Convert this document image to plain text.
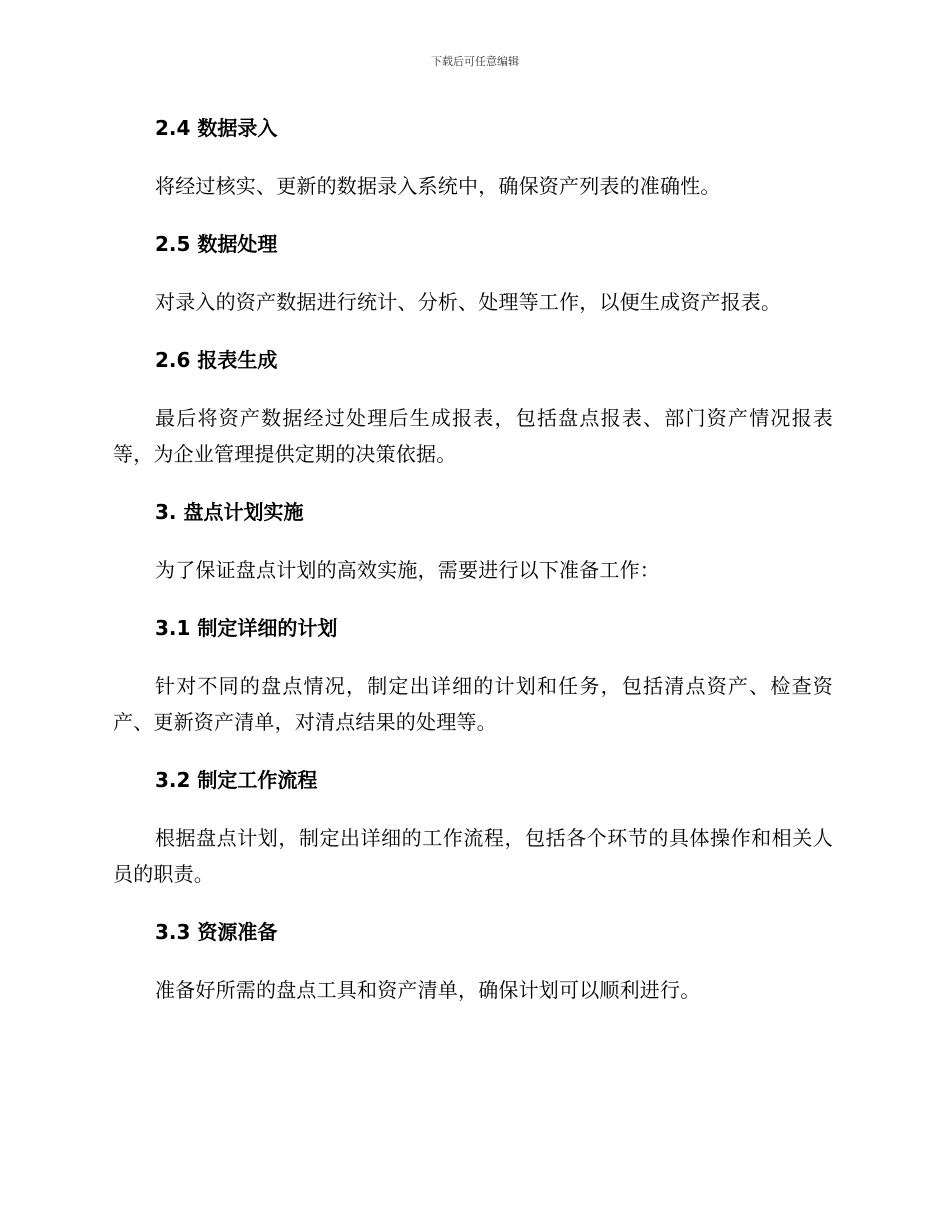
下载后可任意编辑

2.4 数据录入

将经过核实、更新的数据录入系统中，确保资产列表的准确性。

2.5 数据处理

对录入的资产数据进行统计、分析、处理等工作，以便生成资产报表。

2.6 报表生成

最后将资产数据经过处理后生成报表，包括盘点报表、部门资产情况报表等，为企业管理提供定期的决策依据。

3. 盘点计划实施

为了保证盘点计划的高效实施，需要进行以下准备工作：

3.1 制定详细的计划

针对不同的盘点情况，制定出详细的计划和任务，包括清点资产、检查资产、更新资产清单，对清点结果的处理等。

3.2 制定工作流程

根据盘点计划，制定出详细的工作流程，包括各个环节的具体操作和相关人员的职责。

3.3 资源准备

准备好所需的盘点工具和资产清单，确保计划可以顺利进行。
